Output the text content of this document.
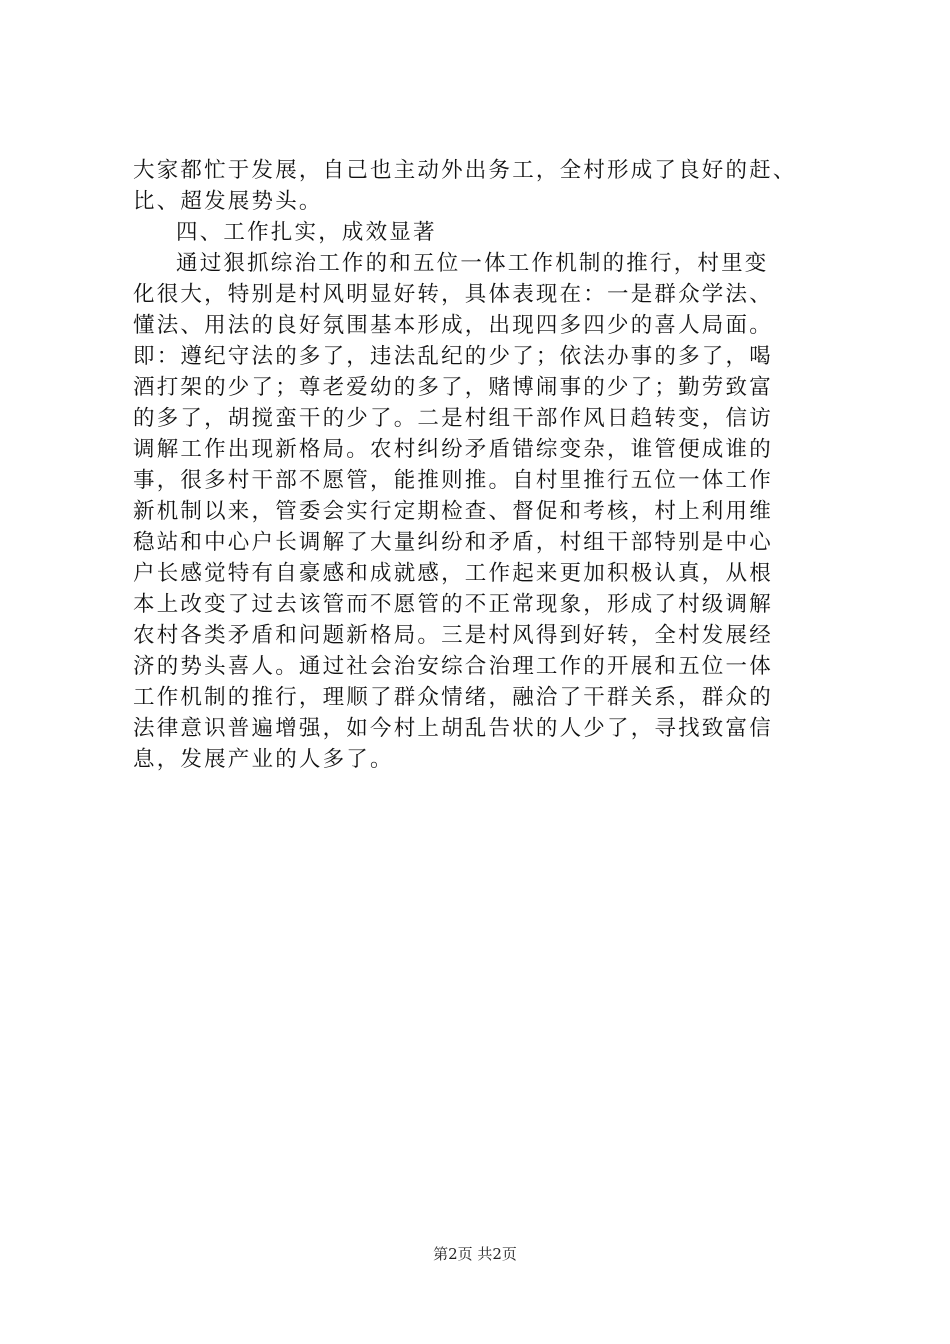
大家都忙于发展，自己也主动外出务工，全村形成了良好的赶、
比、超发展势头。
四、工作扎实，成效显著
通过狠抓综治工作的和五位一体工作机制的推行，村里变
化很大，特别是村风明显好转，具体表现在：一是群众学法、
懂法、用法的良好氛围基本形成，出现四多四少的喜人局面。
即：遵纪守法的多了，违法乱纪的少了；依法办事的多了，喝
酒打架的少了；尊老爱幼的多了，赌博闹事的少了；勤劳致富
的多了，胡搅蛮干的少了。二是村组干部作风日趋转变，信访
调解工作出现新格局。农村纠纷矛盾错综变杂，谁管便成谁的
事，很多村干部不愿管，能推则推。自村里推行五位一体工作
新机制以来，管委会实行定期检查、督促和考核，村上利用维
稳站和中心户长调解了大量纠纷和矛盾，村组干部特别是中心
户长感觉特有自豪感和成就感，工作起来更加积极认真，从根
本上改变了过去该管而不愿管的不正常现象，形成了村级调解
农村各类矛盾和问题新格局。三是村风得到好转，全村发展经
济的势头喜人。通过社会治安综合治理工作的开展和五位一体
工作机制的推行，理顺了群众情绪，融洽了干群关系，群众的
法律意识普遍增强，如今村上胡乱告状的人少了，寻找致富信
息，发展产业的人多了。
第2页 共2页
